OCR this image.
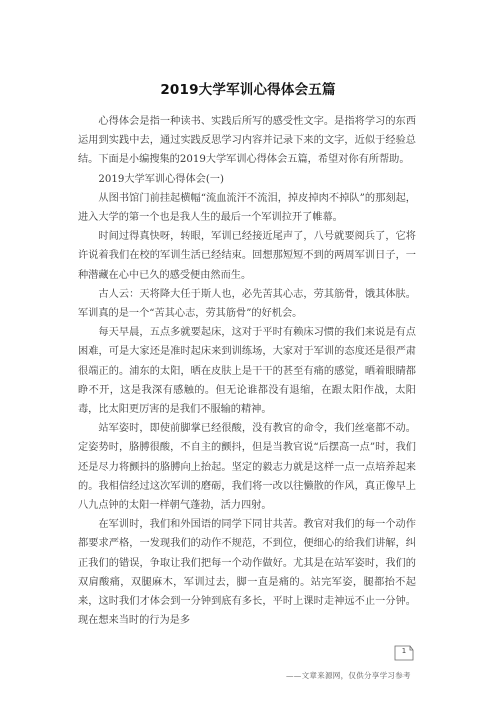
2019大学军训心得体会五篇

心得体会是指一种读书、实践后所写的感受性文字。是指将学习的东西运用到实践中去，通过实践反思学习内容并记录下来的文字，近似于经验总结。下面是小编搜集的2019大学军训心得体会五篇，希望对你有所帮助。

2019大学军训心得体会(一)

从图书馆门前挂起横幅“流血流汗不流泪，掉皮掉肉不掉队”的那刻起，进入大学的第一个也是我人生的最后一个军训拉开了帷幕。

时间过得真快呀，转眼，军训已经接近尾声了，八号就要阅兵了，它将许说着我们在校的军训生活已经结束。回想那短短不到的两周军训日子，一种潜藏在心中已久的感受便由然而生。

古人云：天将降大任于斯人也，必先苦其心志，劳其筋骨，饿其体肤。军训真的是一个“苦其心志，劳其筋骨”的好机会。

每天早晨，五点多就要起床，这对于平时有赖床习惯的我们来说是有点困难，可是大家还是准时起床来到训练场，大家对于军训的态度还是很严肃很端正的。浦东的太阳，晒在皮肤上是干干的甚至有痛的感觉，晒着眼睛都睁不开，这是我深有感触的。但无论谁都没有退缩，在跟太阳作战，太阳毒，比太阳更厉害的是我们不服输的精神。

站军姿时，即使前脚掌已经很酸，没有教官的命令，我们丝毫都不动。定姿势时，胳膊很酸，不自主的颤抖，但是当教官说“后摆高一点”时，我们还是尽力将颤抖的胳膊向上抬起。坚定的毅志力就是这样一点一点培养起来的。我相信经过这次军训的磨砺，我们将一改以往懒散的作风，真正像早上八九点钟的太阳一样朝气蓬勃，活力四射。

在军训时，我们和外国语的同学下同甘共苦。教官对我们的每一个动作都要求严格，一发现我们的动作不规范，不到位，便细心的给我们讲解，纠正我们的错误，争取让我们把每一个动作做好。尤其是在站军姿时，我们的双肩酸痛，双腿麻木，军训过去，脚一直是痛的。站完军姿，腿都抬不起来，这时我们才体会到一分钟到底有多长，平时上课时走神远不止一分钟。现在想来当时的行为是多

1
——文章来源网，仅供分享学习参考
